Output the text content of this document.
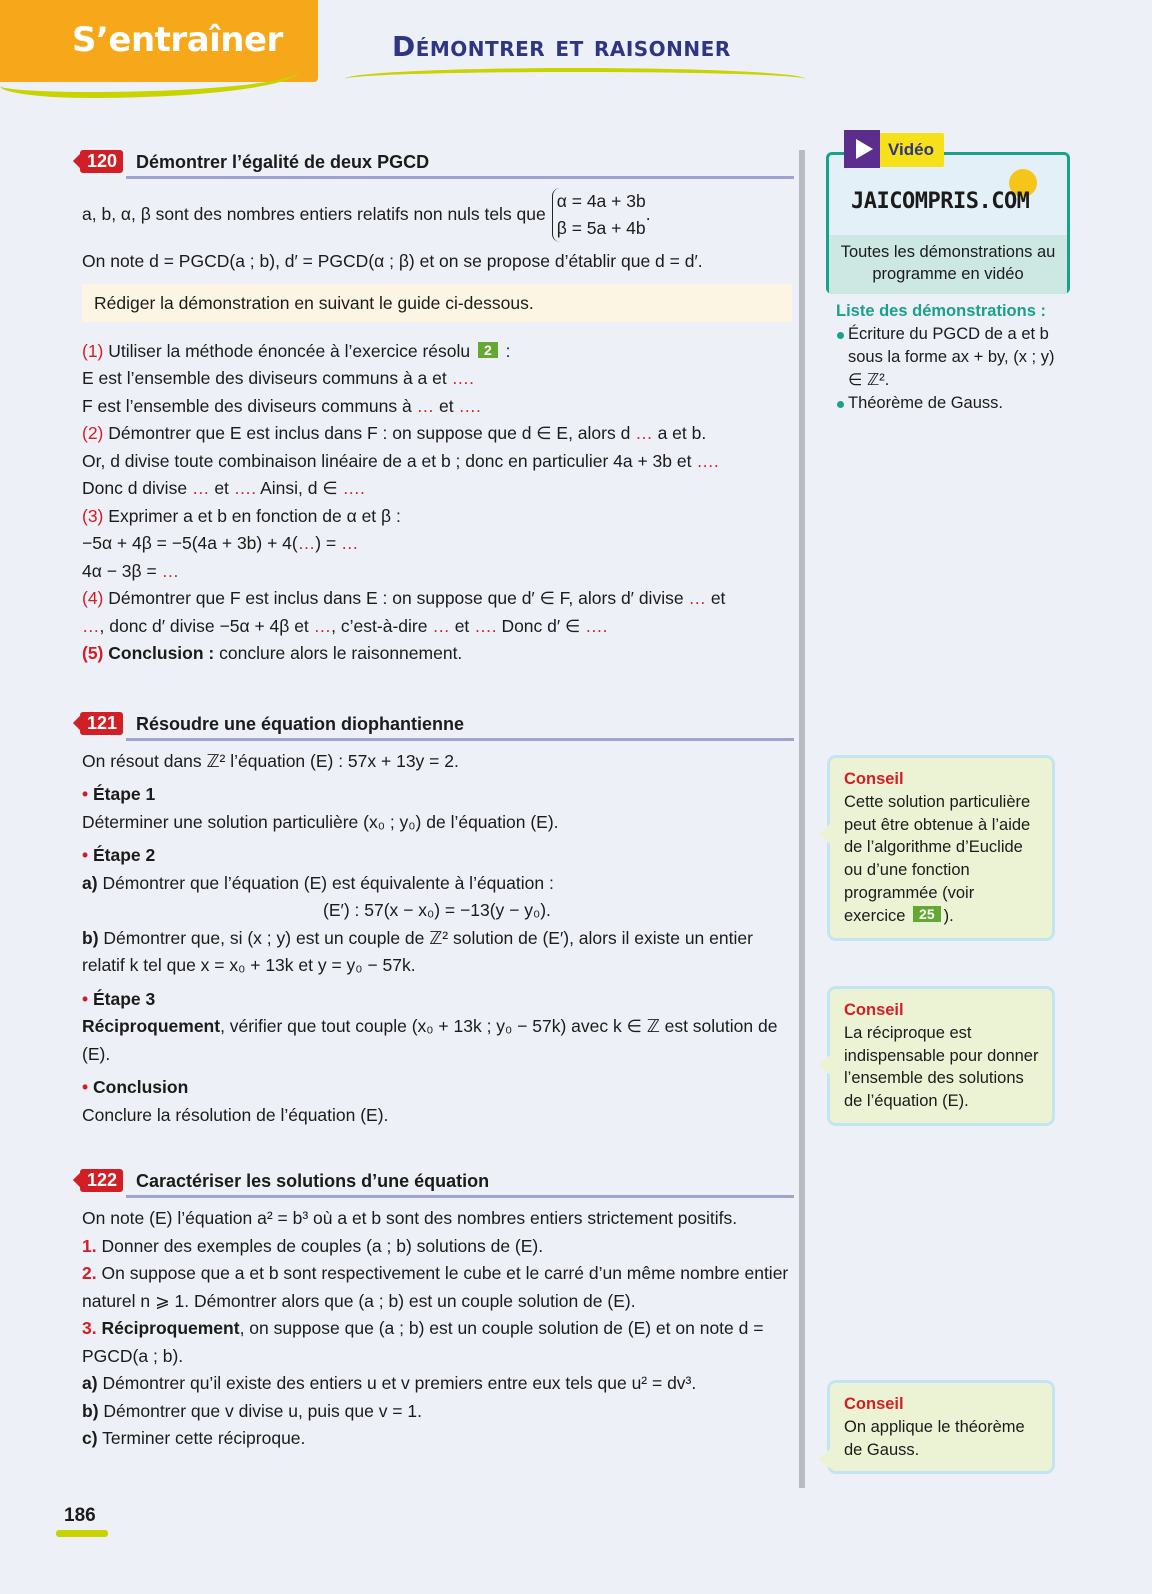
S’entraîner	Démontrer et raisonner
120	Démontrer l’égalité de deux PGCD
a, b, α, β sont des nombres entiers relatifs non nuls tels que
α = 4a + 3b
β = 5a + 4b
.

On note d = PGCD(a ; b), d′ = PGCD(α ; β) et on se propose d’établir que d = d′.

Rédiger la démonstration en suivant le guide ci-dessous.

(1) Utiliser la méthode énoncée à l’exercice résolu 2 :

E est l’ensemble des diviseurs communs à a et ….

F est l’ensemble des diviseurs communs à … et ….

(2) Démontrer que E est inclus dans F : on suppose que d ∈ E, alors d … a et b.

Or, d divise toute combinaison linéaire de a et b ; donc en particulier 4a + 3b et ….

Donc d divise … et …. Ainsi, d ∈ ….

(3) Exprimer a et b en fonction de α et β :

−5α + 4β = −5(4a + 3b) + 4(…) = …

4α − 3β = …

(4) Démontrer que F est inclus dans E : on suppose que d′ ∈ F, alors d′ divise … et

…, donc d′ divise −5α + 4β et …, c’est-à-dire … et …. Donc d′ ∈ ….

(5) Conclusion : conclure alors le raisonnement.

121	Résoudre une équation diophantienne

On résout dans ℤ² l’équation (E) : 57x + 13y = 2.

• Étape 1

Déterminer une solution particulière (x₀ ; y₀) de l’équation (E).

• Étape 2

a) Démontrer que l’équation (E) est équivalente à l’équation :

(E′) : 57(x − x₀) = −13(y − y₀).

b) Démontrer que, si (x ; y) est un couple de ℤ² solution de (E′), alors il existe un entier relatif k tel que x = x₀ + 13k et y = y₀ − 57k.

• Étape 3

Réciproquement, vérifier que tout couple (x₀ + 13k ; y₀ − 57k) avec k ∈ ℤ est solution de (E).

• Conclusion

Conclure la résolution de l’équation (E).

122	Caractériser les solutions d’une équation

On note (E) l’équation a² = b³ où a et b sont des nombres entiers strictement positifs.

1. Donner des exemples de couples (a ; b) solutions de (E).

2. On suppose que a et b sont respectivement le cube et le carré d’un même nombre entier naturel n ⩾ 1. Démontrer alors que (a ; b) est un couple solution de (E).

3. Réciproquement, on suppose que (a ; b) est un couple solution de (E) et on note d = PGCD(a ; b).

a) Démontrer qu’il existe des entiers u et v premiers entre eux tels que u² = dv³.

b) Démontrer que v divise u, puis que v = 1.

c) Terminer cette réciproque.

JAICOMPRIS.COM
Toutes les démonstrations au programme en vidéo
Vidéo
Liste des démonstrations :
Écriture du PGCD de a et b sous la forme ax + by, (x ; y) ∈ ℤ².
Théorème de Gauss.
Conseil
Cette solution particulière peut être obtenue à l’aide de l’algorithme d’Euclide ou d’une fonction programmée (voir exercice 25 ).
Conseil
La réciproque est indispensable pour donner l’ensemble des solutions de l’équation (E).
Conseil
On applique le théorème de Gauss.
186
